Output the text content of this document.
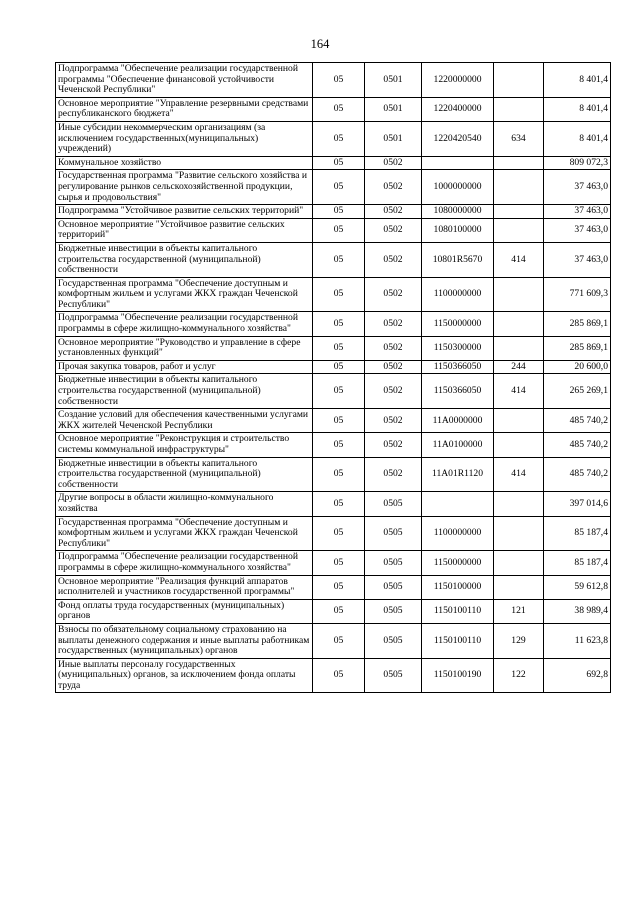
164
Подпрограмма "Обеспечение реализации государственной программы "Обеспечение финансовой устойчивости Чеченской Республики"	05	0501	1220000000		8 401,4
Основное мероприятие "Управление резервными средствами республиканского бюджета"	05	0501	1220400000		8 401,4
Иные субсидии некоммерческим организациям (за исключением государственных(муниципальных) учреждений)	05	0501	1220420540	634	8 401,4
Коммунальное хозяйство	05	0502			809 072,3
Государственная программа "Развитие сельского хозяйства и регулирование рынков сельскохозяйственной продукции, сырья и продовольствия"	05	0502	1000000000		37 463,0
Подпрограмма "Устойчивое развитие сельских территорий"	05	0502	1080000000		37 463,0
Основное мероприятие "Устойчивое развитие сельских территорий"	05	0502	1080100000		37 463,0
Бюджетные инвестиции в объекты капитального строительства государственной (муниципальной) собственности	05	0502	10801R5670	414	37 463,0
Государственная программа "Обеспечение доступным и комфортным жильем и услугами ЖКХ граждан Чеченской Республики"	05	0502	1100000000		771 609,3
Подпрограмма "Обеспечение реализации государственной программы в сфере жилищно-коммунального хозяйства"	05	0502	1150000000		285 869,1
Основное мероприятие "Руководство и управление в сфере установленных функций"	05	0502	1150300000		285 869,1
Прочая закупка товаров, работ и услуг	05	0502	1150366050	244	20 600,0
Бюджетные инвестиции в объекты капитального строительства государственной (муниципальной) собственности	05	0502	1150366050	414	265 269,1
Создание условий для обеспечения качественными услугами ЖКХ жителей Чеченской Республики	05	0502	11А0000000		485 740,2
Основное мероприятие "Реконструкция и строительство системы коммунальной инфраструктуры"	05	0502	11А0100000		485 740,2
Бюджетные инвестиции в объекты капитального строительства государственной (муниципальной) собственности	05	0502	11А01R1120	414	485 740,2
Другие вопросы в области жилищно-коммунального хозяйства	05	0505			397 014,6
Государственная программа "Обеспечение доступным и комфортным жильем и услугами ЖКХ граждан Чеченской Республики"	05	0505	1100000000		85 187,4
Подпрограмма "Обеспечение реализации государственной программы в сфере жилищно-коммунального хозяйства"	05	0505	1150000000		85 187,4
Основное мероприятие "Реализация функций аппаратов исполнителей и участников государственной программы"	05	0505	1150100000		59 612,8
Фонд оплаты труда государственных (муниципальных) органов	05	0505	1150100110	121	38 989,4
Взносы по обязательному социальному страхованию на выплаты денежного содержания и иные выплаты работникам государственных (муниципальных) органов	05	0505	1150100110	129	11 623,8
Иные выплаты персоналу государственных (муниципальных) органов, за исключением фонда оплаты труда	05	0505	1150100190	122	692,8
